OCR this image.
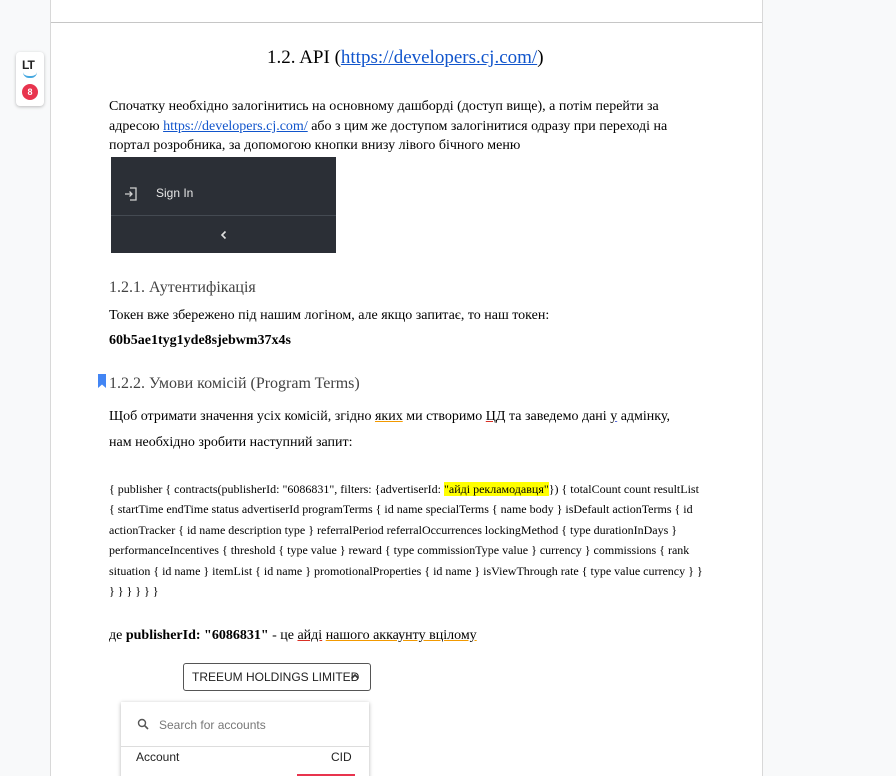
LT
8
1.2. API (https://developers.cj.com/)
Спочатку необхідно залогінитись на основному дашборді (доступ вище), а потім перейти за
адресою https://developers.cj.com/ або з цим же доступом залогінитися одразу при переході на
портал розробника, за допомогою кнопки внизу лівого бічного меню
Sign In
1.2.1. Аутентифікація
Токен вже збережено під нашим логіном, але якщо запитає, то наш токен:
60b5ae1tyg1yde8sjebwm37x4s
1.2.2. Умови комісій (Program Terms)
Щоб отримати значення усіх комісій, згідно яких ми створимо ЦД та заведемо дані у адмінку,
нам необхідно зробити наступний запит:
{ publisher { contracts(publisherId: "6086831", filters: {advertiserId: "айді рекламодавця"}) { totalCount count resultList
{ startTime endTime status advertiserId programTerms { id name specialTerms { name body } isDefault actionTerms { id
actionTracker { id name description type } referralPeriod referralOccurrences lockingMethod { type durationInDays }
performanceIncentives { threshold { type value } reward { type commissionType value } currency } commissions { rank
situation { id name } itemList { id name } promotionalProperties { id name } isViewThrough rate { type value currency } }
} } } } } }
де publisherId: "6086831" - це айді нашого аккаунту вцілому
TREEUM HOLDINGS LIMITED
Search for accounts
Account	CID
